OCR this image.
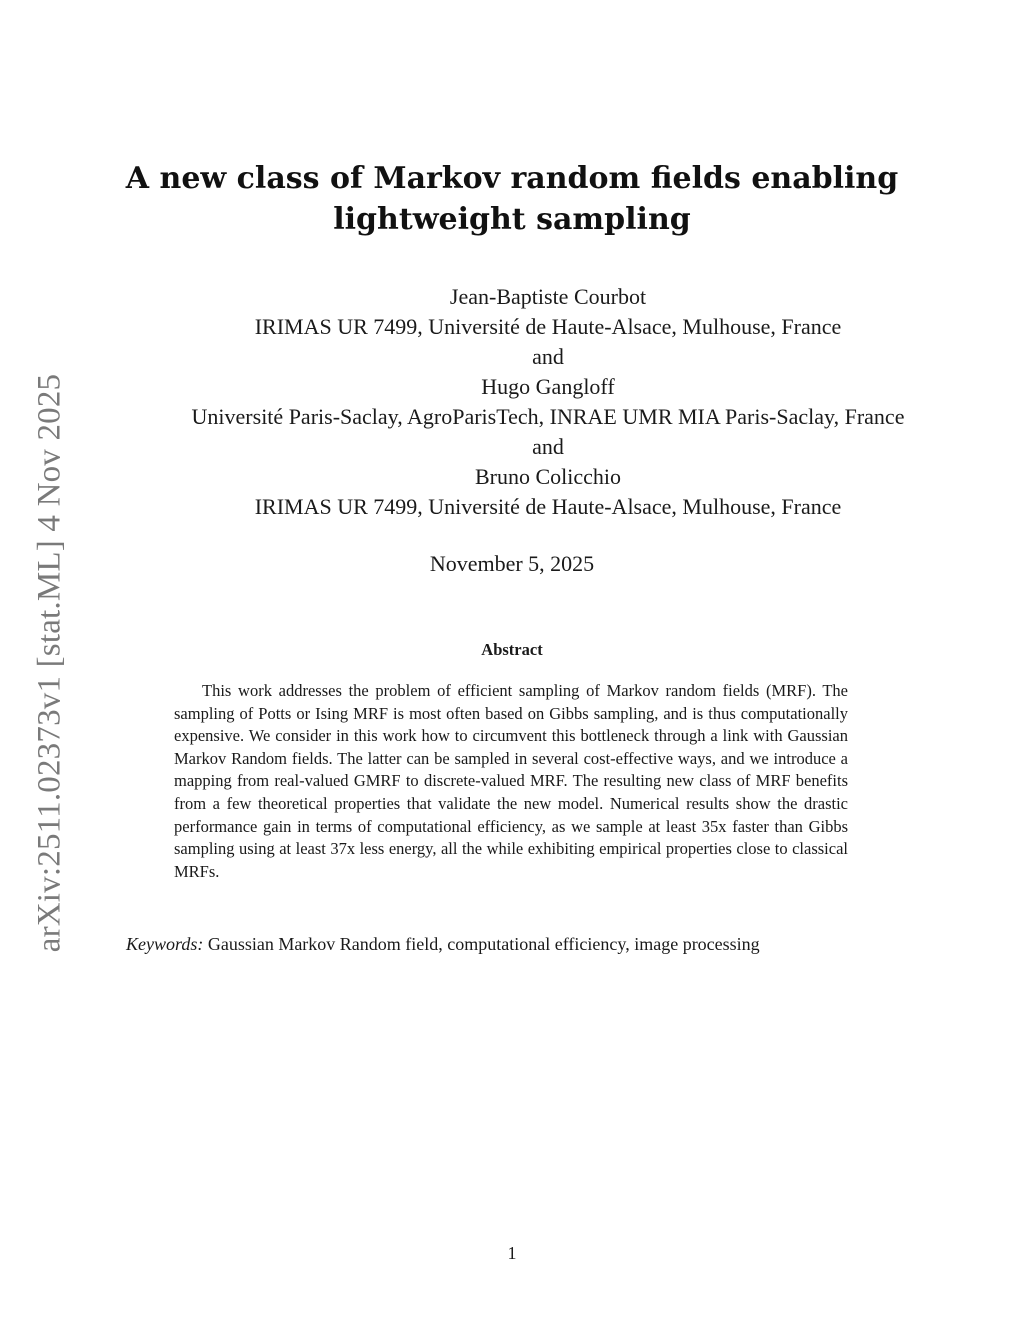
arXiv:2511.02373v1 [stat.ML] 4 Nov 2025
A new class of Markov random fields enabling
lightweight sampling
Jean-Baptiste Courbot
IRIMAS UR 7499, Université de Haute-Alsace, Mulhouse, France
and
Hugo Gangloff
Université Paris-Saclay, AgroParisTech, INRAE UMR MIA Paris-Saclay, France
and
Bruno Colicchio
IRIMAS UR 7499, Université de Haute-Alsace, Mulhouse, France
November 5, 2025
Abstract
This work addresses the problem of efficient sampling of Markov random fields (MRF). The sampling of Potts or Ising MRF is most often based on Gibbs sampling, and is thus computationally expensive. We consider in this work how to circumvent this bottleneck through a link with Gaussian Markov Random fields. The latter can be sampled in several cost-effective ways, and we introduce a mapping from real-valued GMRF to discrete-valued MRF. The resulting new class of MRF benefits from a few theoretical properties that validate the new model. Numerical results show the drastic performance gain in terms of computational efficiency, as we sample at least 35x faster than Gibbs sampling using at least 37x less energy, all the while exhibiting empirical properties close to classical MRFs.
Keywords: Gaussian Markov Random field, computational efficiency, image processing
1
